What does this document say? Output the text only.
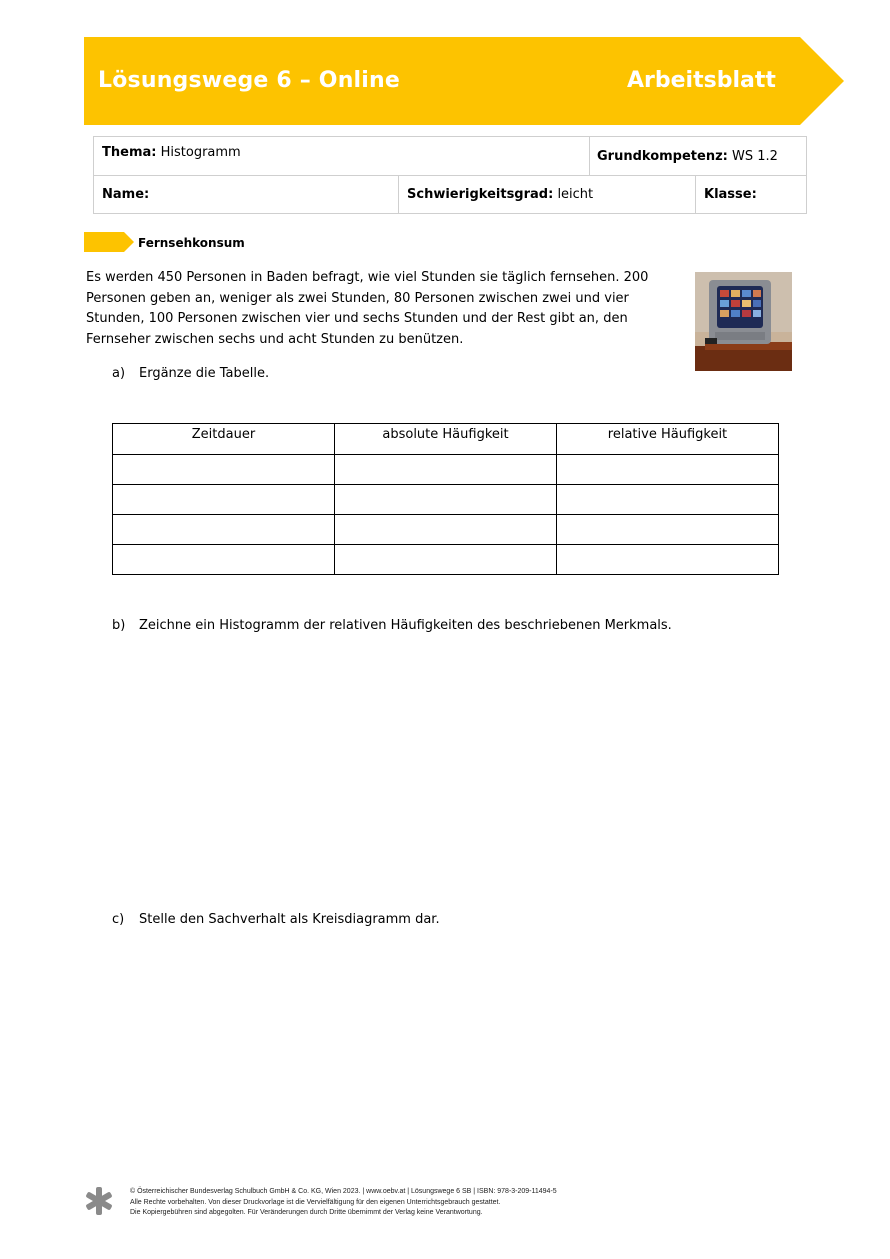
Lösungswege 6 – Online	Arbeitsblatt
Thema: Histogramm	Grundkompetenz: WS 1.2
Name:	Schwierigkeitsgrad: leicht	Klasse:
Fernsehkonsum
Es werden 450 Personen in Baden befragt, wie viel Stunden sie täglich fernsehen. 200 Personen geben an, weniger als zwei Stunden, 80 Personen zwischen zwei und vier Stunden, 100 Personen zwischen vier und sechs Stunden und der Rest gibt an, den Fernseher zwischen sechs und acht Stunden zu benützen.
a) Ergänze die Tabelle.
Zeitdauer	absolute Häufigkeit	relative Häufigkeit

b) Zeichne ein Histogramm der relativen Häufigkeiten des beschriebenen Merkmals.
c) Stelle den Sachverhalt als Kreisdiagramm dar.
© Österreichischer Bundesverlag Schulbuch GmbH & Co. KG, Wien 2023. | www.oebv.at | Lösungswege 6 SB | ISBN: 978-3-209-11494-5
Alle Rechte vorbehalten. Von dieser Druckvorlage ist die Vervielfältigung für den eigenen Unterrichtsgebrauch gestattet.
Die Kopiergebühren sind abgegolten. Für Veränderungen durch Dritte übernimmt der Verlag keine Verantwortung.
